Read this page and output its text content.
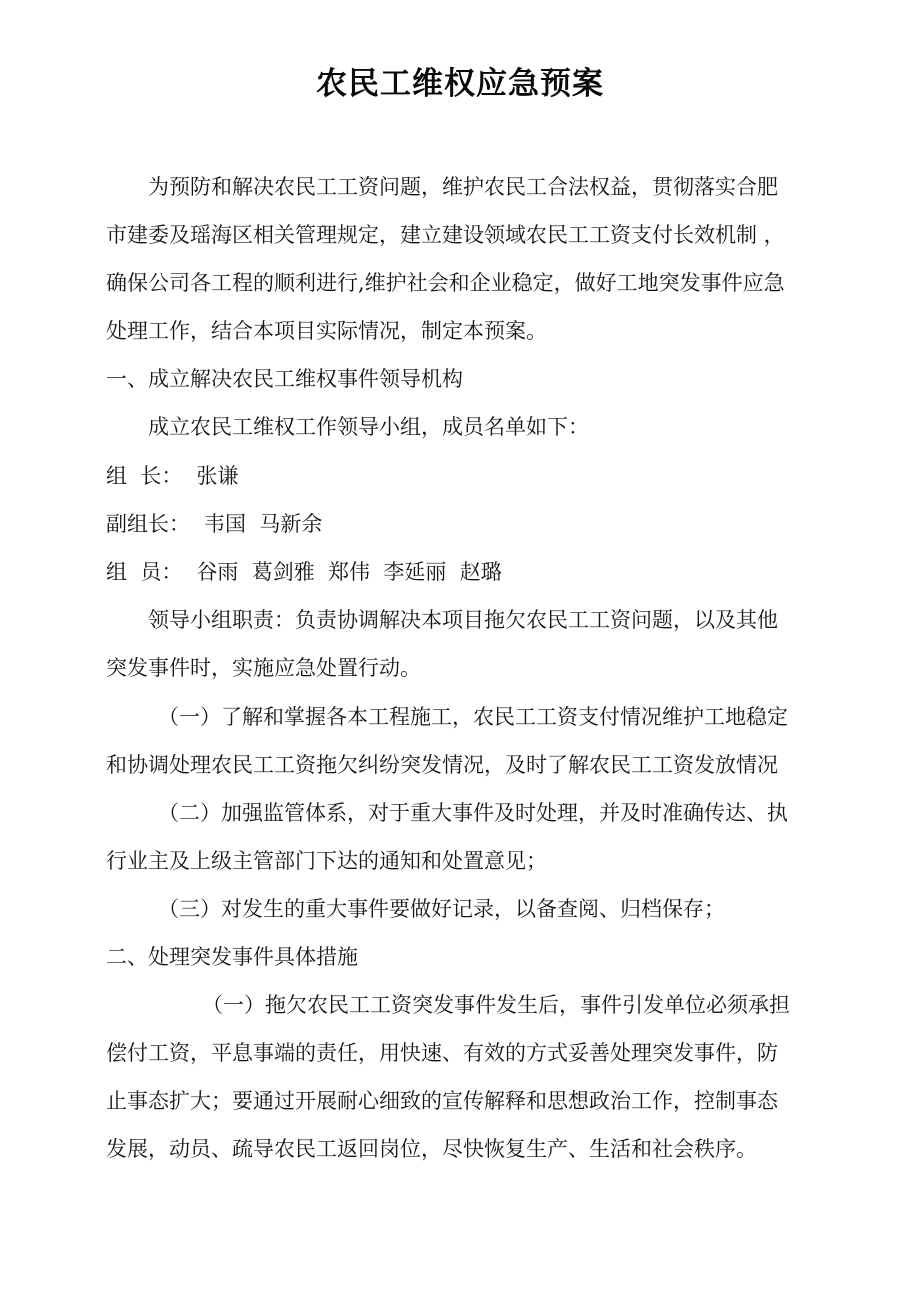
农民工维权应急预案
为预防和解决农民工工资问题，维护农民工合法权益，贯彻落实合肥
市建委及瑶海区相关管理规定，建立建设领域农民工工资支付长效机制 ，
确保公司各工程的顺利进行,维护社会和企业稳定，做好工地突发事件应急
处理工作，结合本项目实际情况，制定本预案。
一、成立解决农民工维权事件领导机构
成立农民工维权工作领导小组，成员名单如下：
组  长： 张谦
副组长： 韦国  马新余
组  员： 谷雨  葛剑雅  郑伟  李延丽  赵璐
领导小组职责：负责协调解决本项目拖欠农民工工资问题，以及其他
突发事件时，实施应急处置行动。
（一）了解和掌握各本工程施工，农民工工资支付情况维护工地稳定
和协调处理农民工工资拖欠纠纷突发情况，及时了解农民工工资发放情况
（二）加强监管体系，对于重大事件及时处理，并及时准确传达、执
行业主及上级主管部门下达的通知和处置意见；
（三）对发生的重大事件要做好记录，以备查阅、归档保存；
二、处理突发事件具体措施
（一）拖欠农民工工资突发事件发生后，事件引发单位必须承担
偿付工资，平息事端的责任，用快速、有效的方式妥善处理突发事件，防
止事态扩大；要通过开展耐心细致的宣传解释和思想政治工作，控制事态
发展，动员、疏导农民工返回岗位，尽快恢复生产、生活和社会秩序。
